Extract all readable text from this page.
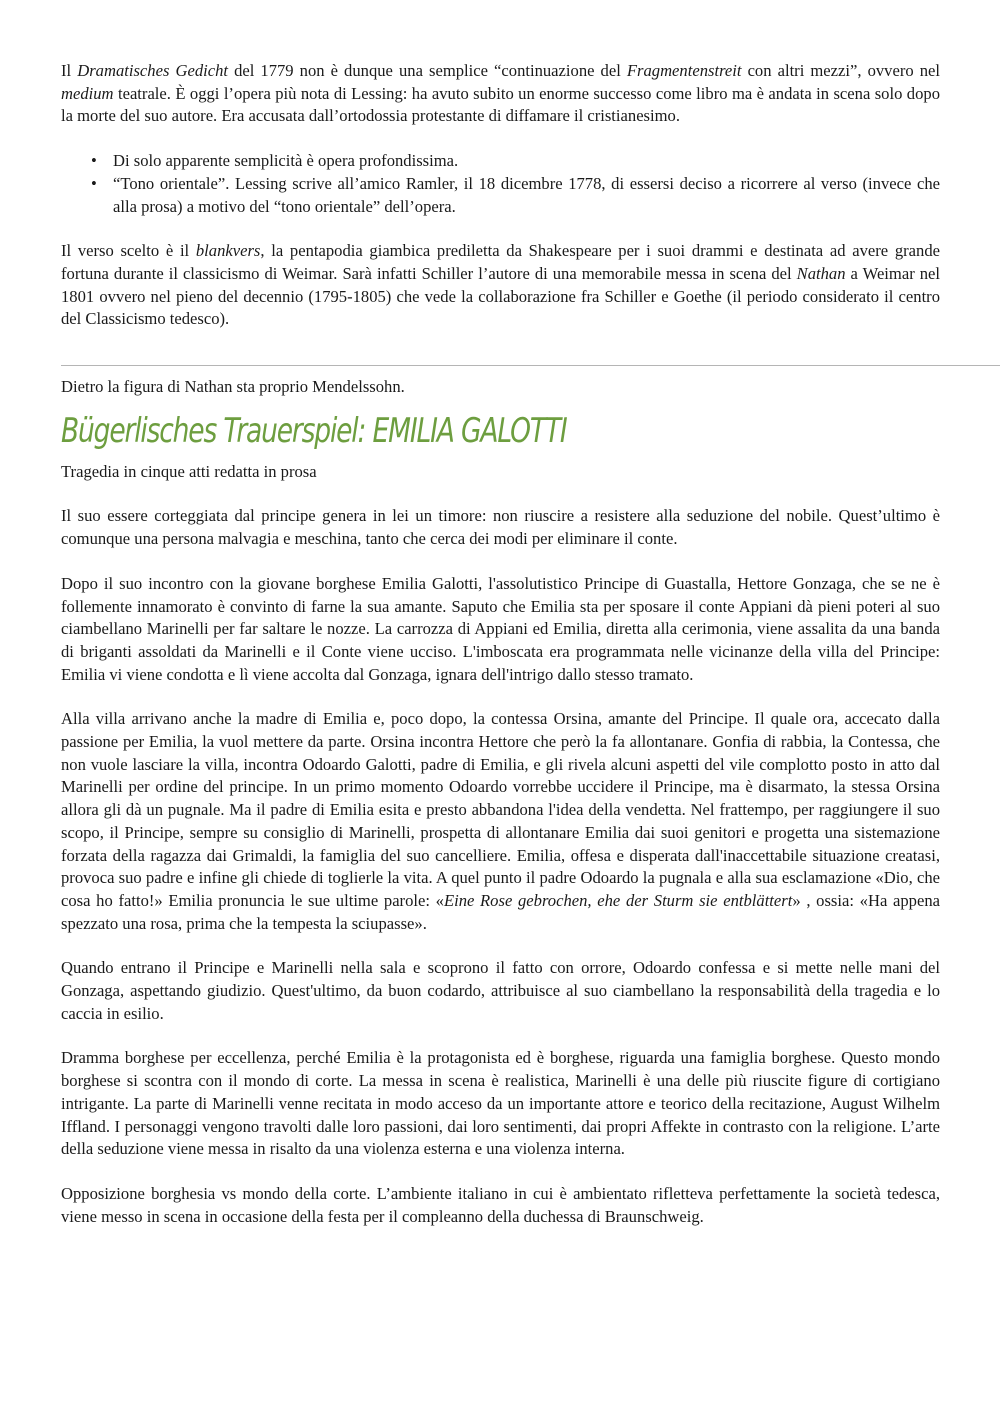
Il Dramatisches Gedicht del 1779 non è dunque una semplice “continuazione del Fragmentenstreit con altri mezzi”, ovvero nel medium teatrale. È oggi l’opera più nota di Lessing: ha avuto subito un enorme successo come libro ma è andata in scena solo dopo la morte del suo autore. Era accusata dall’ortodossia protestante di diffamare il cristianesimo.

• Di solo apparente semplicità è opera profondissima.
• “Tono orientale”. Lessing scrive all’amico Ramler, il 18 dicembre 1778, di essersi deciso a ricorrere al verso (invece che alla prosa) a motivo del “tono orientale” dell’opera.

Il verso scelto è il blankvers, la pentapodia giambica prediletta da Shakespeare per i suoi drammi e destinata ad avere grande fortuna durante il classicismo di Weimar. Sarà infatti Schiller l’autore di una memorabile messa in scena del Nathan a Weimar nel 1801 ovvero nel pieno del decennio (1795-1805) che vede la collaborazione fra Schiller e Goethe (il periodo considerato il centro del Classicismo tedesco).

Dietro la figura di Nathan sta proprio Mendelssohn.

Bügerlisches Trauerspiel: EMILIA GALOTTI

Tragedia in cinque atti redatta in prosa

Il suo essere corteggiata dal principe genera in lei un timore: non riuscire a resistere alla seduzione del nobile. Quest’ultimo è comunque una persona malvagia e meschina, tanto che cerca dei modi per eliminare il conte.

Dopo il suo incontro con la giovane borghese Emilia Galotti, l'assolutistico Principe di Guastalla, Hettore Gonzaga, che se ne è follemente innamorato è convinto di farne la sua amante. Saputo che Emilia sta per sposare il conte Appiani dà pieni poteri al suo ciambellano Marinelli per far saltare le nozze. La carrozza di Appiani ed Emilia, diretta alla cerimonia, viene assalita da una banda di briganti assoldati da Marinelli e il Conte viene ucciso. L'imboscata era programmata nelle vicinanze della villa del Principe: Emilia vi viene condotta e lì viene accolta dal Gonzaga, ignara dell'intrigo dallo stesso tramato.

Alla villa arrivano anche la madre di Emilia e, poco dopo, la contessa Orsina, amante del Principe. Il quale ora, accecato dalla passione per Emilia, la vuol mettere da parte. Orsina incontra Hettore che però la fa allontanare. Gonfia di rabbia, la Contessa, che non vuole lasciare la villa, incontra Odoardo Galotti, padre di Emilia, e gli rivela alcuni aspetti del vile complotto posto in atto dal Marinelli per ordine del principe. In un primo momento Odoardo vorrebbe uccidere il Principe, ma è disarmato, la stessa Orsina allora gli dà un pugnale. Ma il padre di Emilia esita e presto abbandona l'idea della vendetta. Nel frattempo, per raggiungere il suo scopo, il Principe, sempre su consiglio di Marinelli, prospetta di allontanare Emilia dai suoi genitori e progetta una sistemazione forzata della ragazza dai Grimaldi, la famiglia del suo cancelliere. Emilia, offesa e disperata dall'inaccettabile situazione creatasi, provoca suo padre e infine gli chiede di toglierle la vita. A quel punto il padre Odoardo la pugnala e alla sua esclamazione «Dio, che cosa ho fatto!» Emilia pronuncia le sue ultime parole: «Eine Rose gebrochen, ehe der Sturm sie entblättert» , ossia: «Ha appena spezzato una rosa, prima che la tempesta la sciupasse».

Quando entrano il Principe e Marinelli nella sala e scoprono il fatto con orrore, Odoardo confessa e si mette nelle mani del Gonzaga, aspettando giudizio. Quest'ultimo, da buon codardo, attribuisce al suo ciambellano la responsabilità della tragedia e lo caccia in esilio.

Dramma borghese per eccellenza, perché Emilia è la protagonista ed è borghese, riguarda una famiglia borghese. Questo mondo borghese si scontra con il mondo di corte. La messa in scena è realistica, Marinelli è una delle più riuscite figure di cortigiano intrigante. La parte di Marinelli venne recitata in modo acceso da un importante attore e teorico della recitazione, August Wilhelm Iffland. I personaggi vengono travolti dalle loro passioni, dai loro sentimenti, dai propri Affekte in contrasto con la religione. L’arte della seduzione viene messa in risalto da una violenza esterna e una violenza interna.

Opposizione borghesia vs mondo della corte. L’ambiente italiano in cui è ambientato rifletteva perfettamente la società tedesca, viene messo in scena in occasione della festa per il compleanno della duchessa di Braunschweig.
